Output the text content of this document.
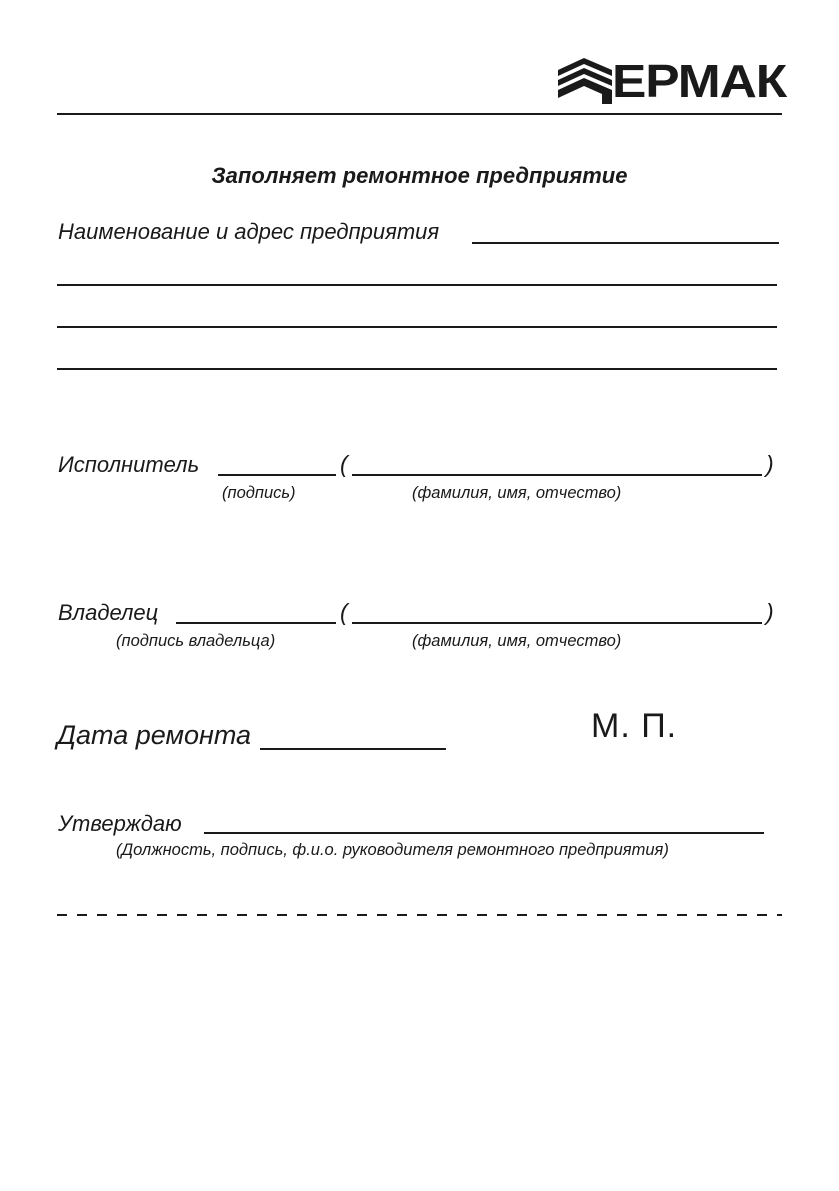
ЕРМАК
Заполняет ремонтное предприятие
Наименование и адрес предприятия
Исполнитель	(	)
(подпись)	(фамилия, имя, отчество)
Владелец	(	)
(подпись владельца)	(фамилия, имя, отчество)
Дата ремонта	М. П.
Утверждаю
(Должность, подпись, ф.и.о. руководителя ремонтного предприятия)
